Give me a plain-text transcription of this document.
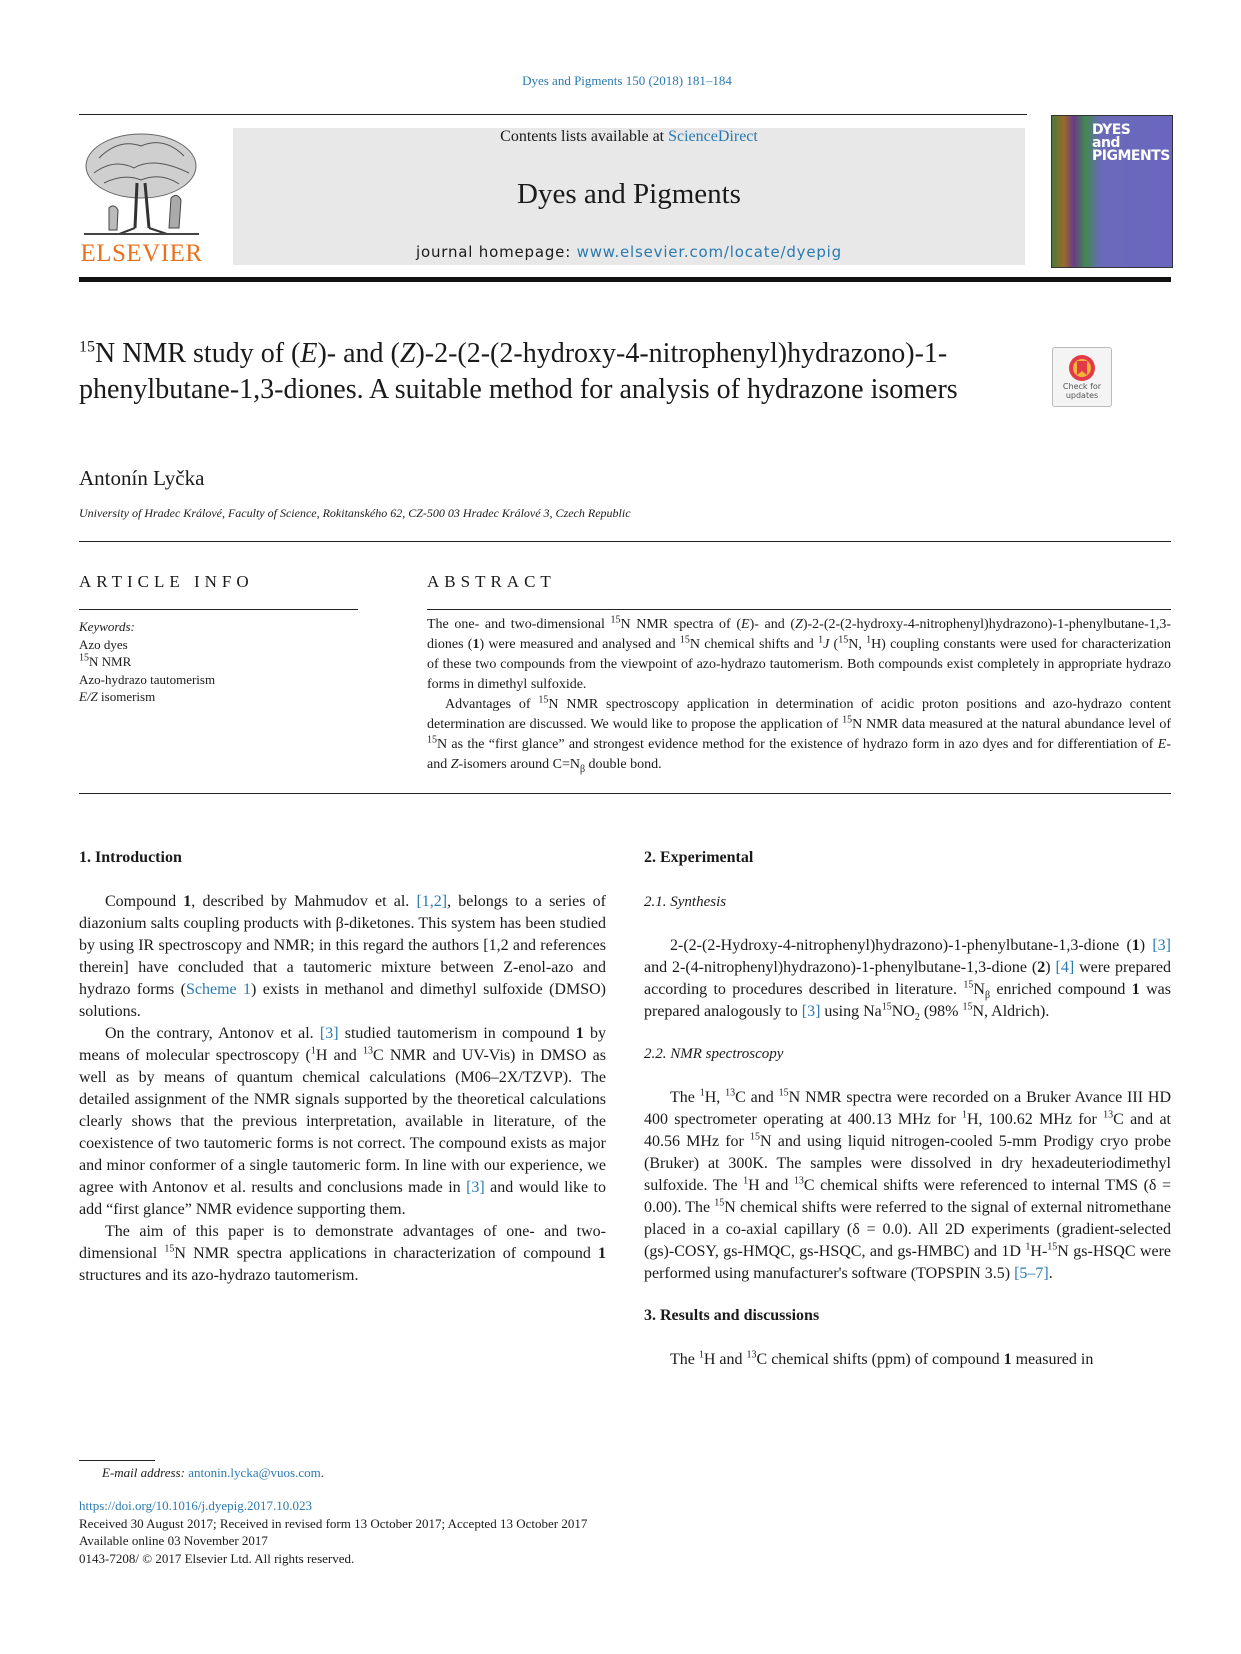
Dyes and Pigments 150 (2018) 181–184
ELSEVIER
Contents lists available at ScienceDirect
Dyes and Pigments
journal homepage: www.elsevier.com/locate/dyepig
DYES
and
PIGMENTS
$^{15}$N NMR study of (E)- and (Z)-2-(2-(2-hydroxy-4-nitrophenyl)hydrazono)-1-phenylbutane-1,3-diones. A suitable method for analysis of hydrazone isomers	Check for updates
Antonín Lyčka
University of Hradec Králové, Faculty of Science, Rokitanského 62, CZ-500 03 Hradec Králové 3, Czech Republic
ARTICLE INFO	ABSTRACT
Keywords:
Azo dyes
$^{15}$N NMR
Azo-hydrazo tautomerism
E/Z isomerism

The one- and two-dimensional $^{15}$N NMR spectra of (E)- and (Z)-2-(2-(2-hydroxy-4-nitrophenyl)hydrazono)-1-phenylbutane-1,3-diones (1) were measured and analysed and $^{15}$N chemical shifts and $^1$J ($^{15}$N, $^1$H) coupling constants were used for characterization of these two compounds from the viewpoint of azo-hydrazo tautomerism. Both compounds exist completely in appropriate hydrazo forms in dimethyl sulfoxide.

Advantages of $^{15}$N NMR spectroscopy application in determination of acidic proton positions and azo-hydrazo content determination are discussed. We would like to propose the application of $^{15}$N NMR data measured at the natural abundance level of $^{15}$N as the “first glance” and strongest evidence method for the existence of hydrazo form in azo dyes and for differentiation of E- and Z-isomers around $C=N_\beta$ double bond.

1. Introduction

Compound 1, described by Mahmudov et al. [1,2], belongs to a series of diazonium salts coupling products with β-diketones. This system has been studied by using IR spectroscopy and NMR; in this regard the authors [1,2 and references therein] have concluded that a tautomeric mixture between Z-enol-azo and hydrazo forms (Scheme 1) exists in methanol and dimethyl sulfoxide (DMSO) solutions.

On the contrary, Antonov et al. [3] studied tautomerism in compound 1 by means of molecular spectroscopy ($^1$H and $^{13}$C NMR and UV-Vis) in DMSO as well as by means of quantum chemical calculations (M06–2X/TZVP). The detailed assignment of the NMR signals supported by the theoretical calculations clearly shows that the previous interpretation, available in literature, of the coexistence of two tautomeric forms is not correct. The compound exists as major and minor conformer of a single tautomeric form. In line with our experience, we agree with Antonov et al. results and conclusions made in [3] and would like to add “first glance” NMR evidence supporting them.

The aim of this paper is to demonstrate advantages of one- and two-dimensional $^{15}$N NMR spectra applications in characterization of compound 1 structures and its azo-hydrazo tautomerism.

2. Experimental
2.1. Synthesis

2-(2-(2-Hydroxy-4-nitrophenyl)hydrazono)-1-phenylbutane-1,3-dione (1) [3] and 2-(4-nitrophenyl)hydrazono)-1-phenylbutane-1,3-dione (2) [4] were prepared according to procedures described in literature. $^{15}N_\beta$ enriched compound 1 was prepared analogously to [3] using $Na^{15}NO_2$ (98% $^{15}$N, Aldrich).

2.2. NMR spectroscopy

The $^1$H, $^{13}$C and $^{15}$N NMR spectra were recorded on a Bruker Avance III HD 400 spectrometer operating at 400.13 MHz for $^1$H, 100.62 MHz for $^{13}$C and at 40.56 MHz for $^{15}$N and using liquid nitrogen-cooled 5-mm Prodigy cryo probe (Bruker) at 300K. The samples were dissolved in dry hexadeuteriodimethyl sulfoxide. The $^1$H and $^{13}$C chemical shifts were referenced to internal TMS (δ = 0.00). The $^{15}$N chemical shifts were referred to the signal of external nitromethane placed in a co-axial capillary (δ = 0.0). All 2D experiments (gradient-selected (gs)-COSY, gs-HMQC, gs-HSQC, and gs-HMBC) and 1D $^1$H-$^{15}$N gs-HSQC were performed using manufacturer's software (TOPSPIN 3.5) [5–7].

3. Results and discussions

The $^1$H and $^{13}$C chemical shifts (ppm) of compound 1 measured in

E-mail address: antonin.lycka@vuos.com.
https://doi.org/10.1016/j.dyepig.2017.10.023
Received 30 August 2017; Received in revised form 13 October 2017; Accepted 13 October 2017
Available online 03 November 2017
0143-7208/ © 2017 Elsevier Ltd. All rights reserved.
